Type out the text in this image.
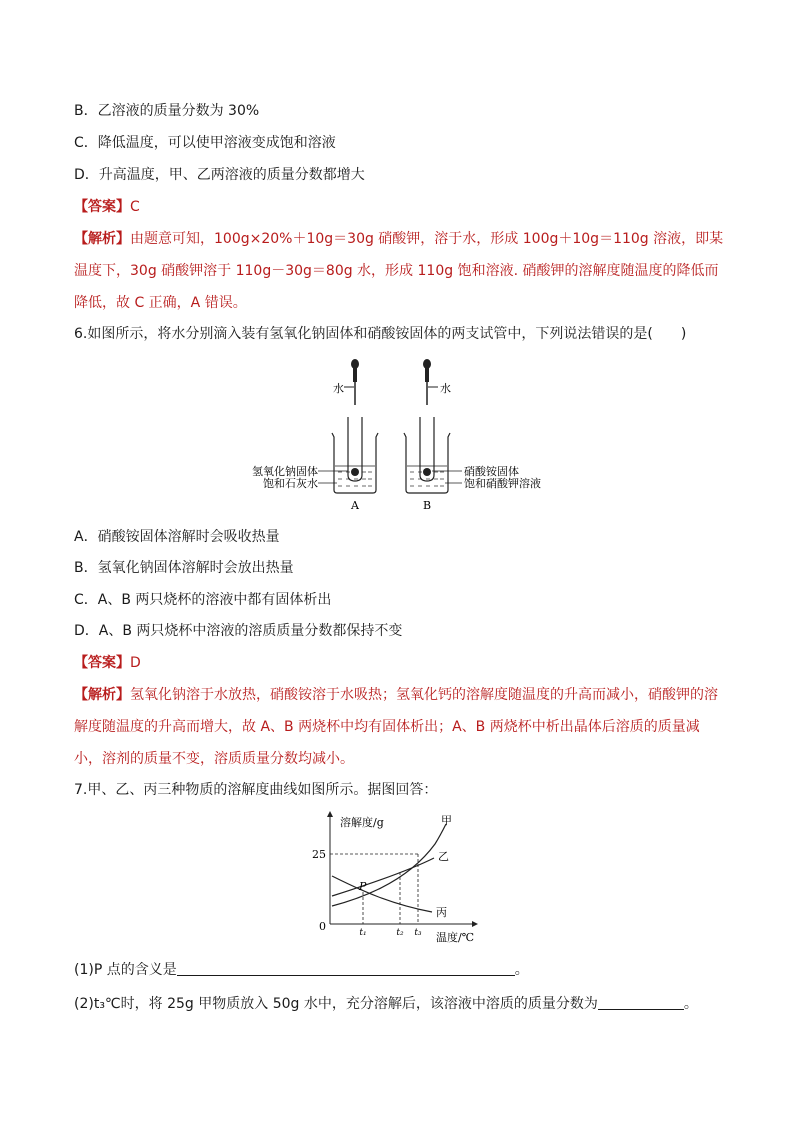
B．乙溶液的质量分数为 30%
C．降低温度，可以使甲溶液变成饱和溶液
D．升高温度，甲、乙两溶液的质量分数都增大
【答案】C
【解析】由题意可知，100g×20%＋10g＝30g 硝酸钾，溶于水，形成 100g＋10g＝110g 溶液，即某温度下，30g 硝酸钾溶于 110g－30g＝80g 水，形成 110g 饱和溶液. 硝酸钾的溶解度随温度的降低而降低，故 C 正确，A 错误。
6.如图所示，将水分别滴入装有氢氧化钠固体和硝酸铵固体的两支试管中，下列说法错误的是(　　)
水	水
氢氧化钠固体
饱和石灰水
A
硝酸铵固体
饱和硝酸钾溶液
B
A．硝酸铵固体溶解时会吸收热量
B．氢氧化钠固体溶解时会放出热量
C．A、B 两只烧杯的溶液中都有固体析出
D．A、B 两只烧杯中溶液的溶质质量分数都保持不变
【答案】D
【解析】氢氧化钠溶于水放热，硝酸铵溶于水吸热；氢氧化钙的溶解度随温度的升高而减小，硝酸钾的溶解度随温度的升高而增大，故 A、B 两烧杯中均有固体析出；A、B 两烧杯中析出晶体后溶质的质量减小，溶剂的质量不变，溶质质量分数均减小。
7.甲、乙、丙三种物质的溶解度曲线如图所示。据图回答：
溶解度/g
温度/℃
25
0
甲
乙
丙
P
t₁	t₂ t₃
(1)P 点的含义是	。
(2)t₃℃时，将 25g 甲物质放入 50g 水中，充分溶解后，该溶液中溶质的质量分数为	。
